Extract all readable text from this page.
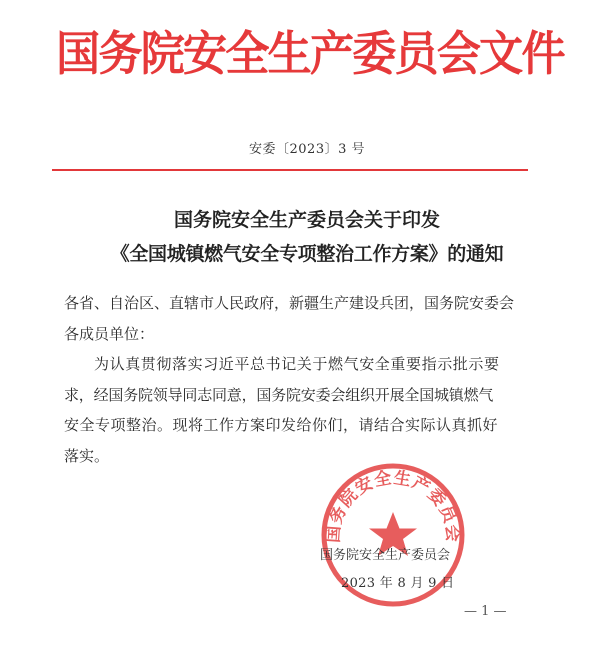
国务院安全生产委员会文件
安委〔2023〕3 号
国务院安全生产委员会关于印发
《全国城镇燃气安全专项整治工作方案》的通知
各省、自治区、直辖市人民政府，新疆生产建设兵团，国务院安委会
各成员单位：
为认真贯彻落实习近平总书记关于燃气安全重要指示批示要
求，经国务院领导同志同意，国务院安委会组织开展全国城镇燃气
安全专项整治。现将工作方案印发给你们，请结合实际认真抓好
落实。
国务院安全生产委员会
国务院安全生产委员会
2023 年 8 月 9 日
— 1 —
